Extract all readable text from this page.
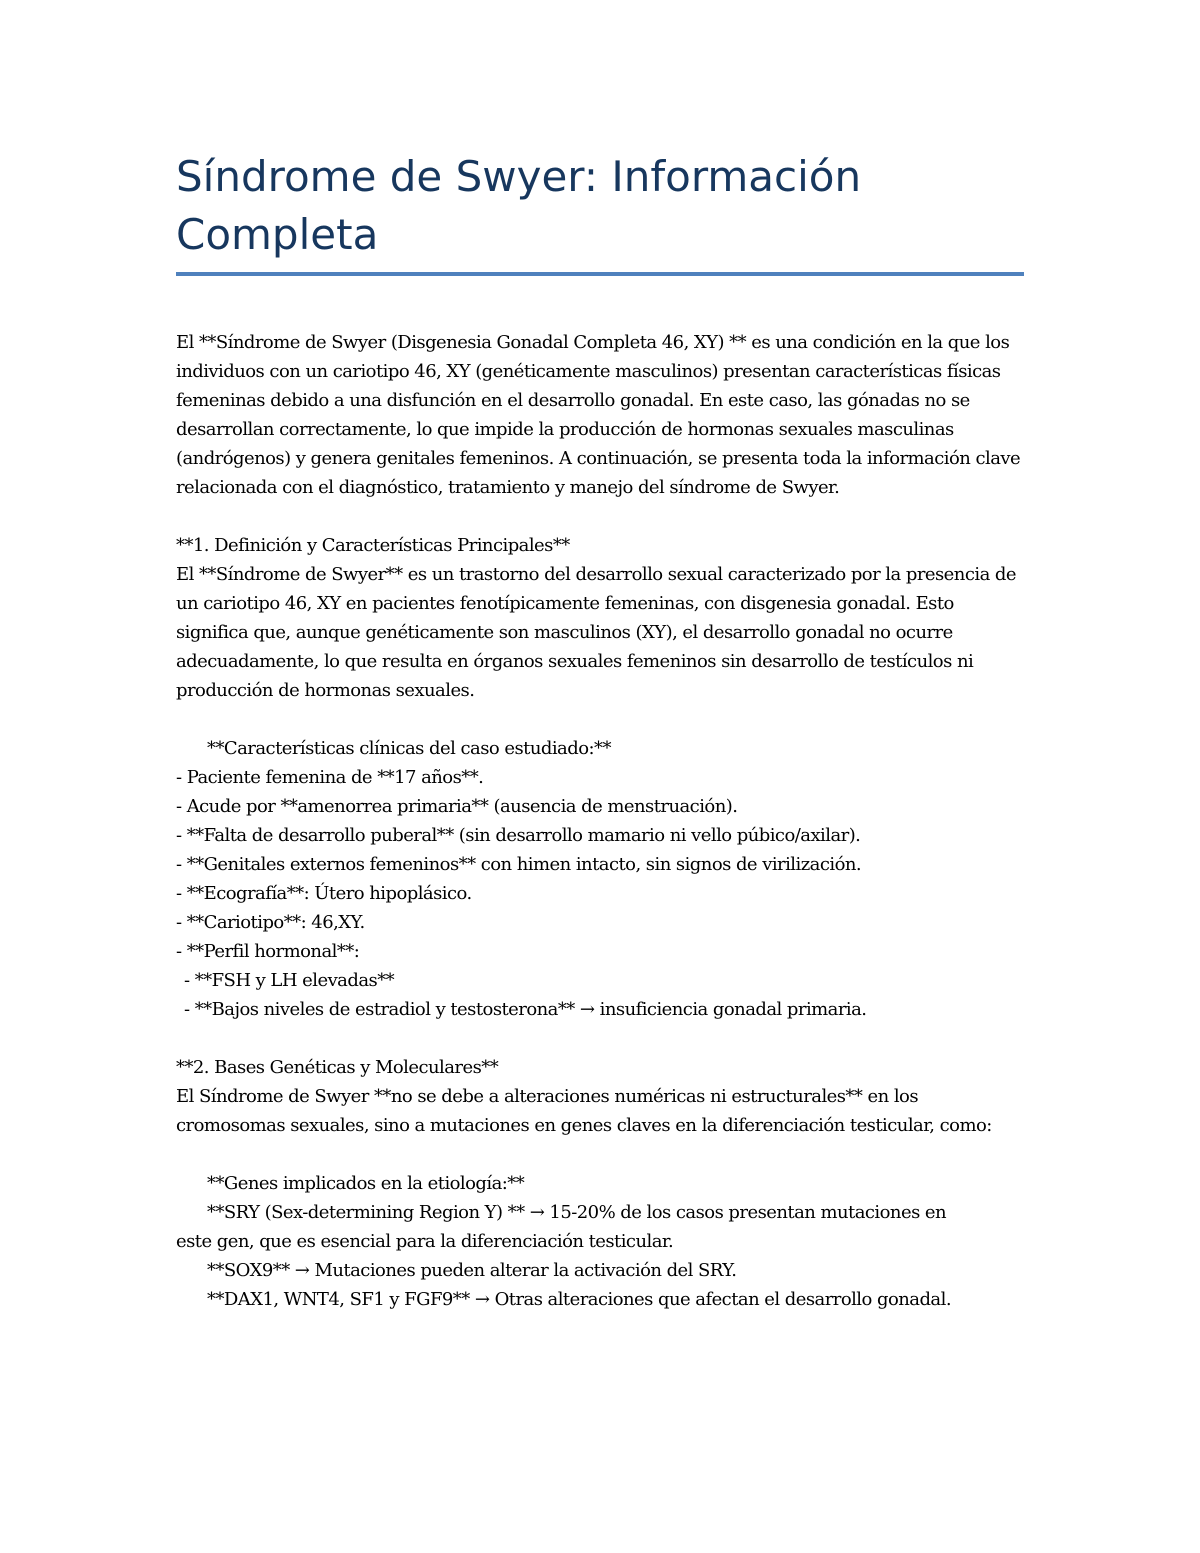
Síndrome de Swyer: Información
Completa

El **Síndrome de Swyer (Disgenesia Gonadal Completa 46, XY) ** es una condición en la que los individuos con un cariotipo 46, XY (genéticamente masculinos) presentan características físicas femeninas debido a una disfunción en el desarrollo gonadal. En este caso, las gónadas no se desarrollan correctamente, lo que impide la producción de hormonas sexuales masculinas (andrógenos) y genera genitales femeninos. A continuación, se presenta toda la información clave relacionada con el diagnóstico, tratamiento y manejo del síndrome de Swyer.

**1. Definición y Características Principales**

El **Síndrome de Swyer** es un trastorno del desarrollo sexual caracterizado por la presencia de un cariotipo 46, XY en pacientes fenotípicamente femeninas, con disgenesia gonadal. Esto significa que, aunque genéticamente son masculinos (XY), el desarrollo gonadal no ocurre adecuadamente, lo que resulta en órganos sexuales femeninos sin desarrollo de testículos ni producción de hormonas sexuales.

**Características clínicas del caso estudiado:**

- Paciente femenina de **17 años**.

- Acude por **amenorrea primaria** (ausencia de menstruación).

- **Falta de desarrollo puberal** (sin desarrollo mamario ni vello púbico/axilar).

- **Genitales externos femeninos** con himen intacto, sin signos de virilización.

- **Ecografía**: Útero hipoplásico.

- **Cariotipo**: 46,XY.

- **Perfil hormonal**:

- **FSH y LH elevadas**

- **Bajos niveles de estradiol y testosterona** → insuficiencia gonadal primaria.

**2. Bases Genéticas y Moleculares**

El Síndrome de Swyer **no se debe a alteraciones numéricas ni estructurales** en los cromosomas sexuales, sino a mutaciones en genes claves en la diferenciación testicular, como:

**Genes implicados en la etiología:**

**SRY (Sex-determining Region Y) ** → 15-20% de los casos presentan mutaciones en

este gen, que es esencial para la diferenciación testicular.

**SOX9** → Mutaciones pueden alterar la activación del SRY.

**DAX1, WNT4, SF1 y FGF9** → Otras alteraciones que afectan el desarrollo gonadal.
